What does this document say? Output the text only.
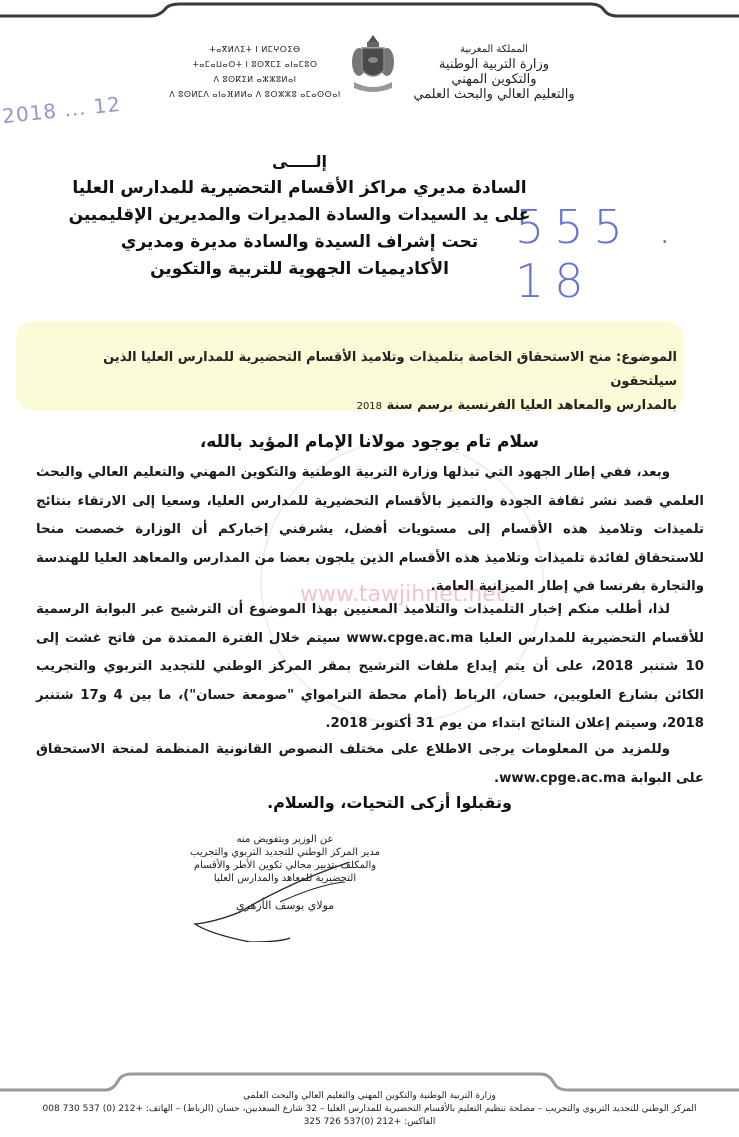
المملكة المغربية
وزارة التربية الوطنية
والتكوين المهني
والتعليم العالي والبحث العلمي
ⵜⴰⴳⵍⴷⵉⵜ ⵏ ⵍⵎⵖⵔⵉⴱ
ⵜⴰⵎⴰⵡⴰⵙⵜ ⵏ ⵓⵙⴳⵎⵉ ⴰⵏⴰⵎⵓⵔ
ⴷ ⵓⵙⴽⵉⵍ ⴰⵣⵣⵓⵍⴰⵏ
ⴷ ⵓⵙⵍⵎⴷ ⴰⵏⴰⴼⵍⵍⴰ ⴷ ⵓⵔⵣⵣⵓ ⴰⵎⴰⵙⵙⴰⵏ
2018 ... 12
555 . 18
www.tawjihnet.net
إلـــــى
السادة مديري مراكز الأقسام التحضيرية للمدارس العليا
على يد السيدات والسادة المديرات والمديرين الإقليميين
تحت إشراف السيدة والسادة مديرة ومديري
الأكاديميات الجهوية للتربية والتكوين
الموضوع: منح الاستحقاق الخاصة بتلميذات وتلاميذ الأقسام التحضيرية للمدارس العليا الذين سيلتحقون
بالمدارس والمعاهد العليا الفرنسية برسم سنة 2018
سلام تام بوجود مولانا الإمام المؤيد بالله،
وبعد، ففي إطار الجهود التي تبذلها وزارة التربية الوطنية والتكوين المهني والتعليم العالي والبحث العلمي قصد نشر ثقافة الجودة والتميز بالأقسام التحضيرية للمدارس العليا، وسعيا إلى الارتقاء بنتائج تلميذات وتلاميذ هذه الأقسام إلى مستويات أفضل، يشرفني إخباركم أن الوزارة خصصت منحا للاستحقاق لفائدة تلميذات وتلاميذ هذه الأقسام الذين يلجون بعضا من المدارس والمعاهد العليا للهندسة والتجارة بفرنسا في إطار الميزانية العامة.
لذا، أطلب منكم إخبار التلميذات والتلاميذ المعنيين بهذا الموضوع أن الترشيح عبر البوابة الرسمية للأقسام التحضيرية للمدارس العليا www.cpge.ac.ma سيتم خلال الفترة الممتدة من فاتح غشت إلى 10 شتنبر 2018، على أن يتم إيداع ملفات الترشيح بمقر المركز الوطني للتجديد التربوي والتجريب الكائن بشارع العلويين، حسان، الرباط (أمام محطة الترامواي "صومعة حسان")، ما بين 4 و17 شتنبر 2018، وسيتم إعلان النتائج ابتداء من يوم 31 أكتوبر 2018.
وللمزيد من المعلومات يرجى الاطلاع على مختلف النصوص القانونية المنظمة لمنحة الاستحقاق على البوابة www.cpge.ac.ma.
وتقبلوا أزكى التحيات، والسلام.
عن الوزير وبتفويض منه
مدير المركز الوطني للتجديد التربوي والتجريب
والمكلف بتدبير مجالي تكوين الأطر والأقسام
التحضيرية للمعاهد والمدارس العليا
مولاي يوسف الأزهري
وزارة التربية الوطنية والتكوين المهني والتعليم العالي والبحث العلمي
المركز الوطني للتجديد التربوي والتجريب – مصلحة تنظيم التعليم بالأقسام التحضيرية للمدارس العليا – 32 شارع السعديين، حسان (الرباط) – الهاتف: +212 (0) 537 730 008
الفاكس: +212 (0)537 726 325
